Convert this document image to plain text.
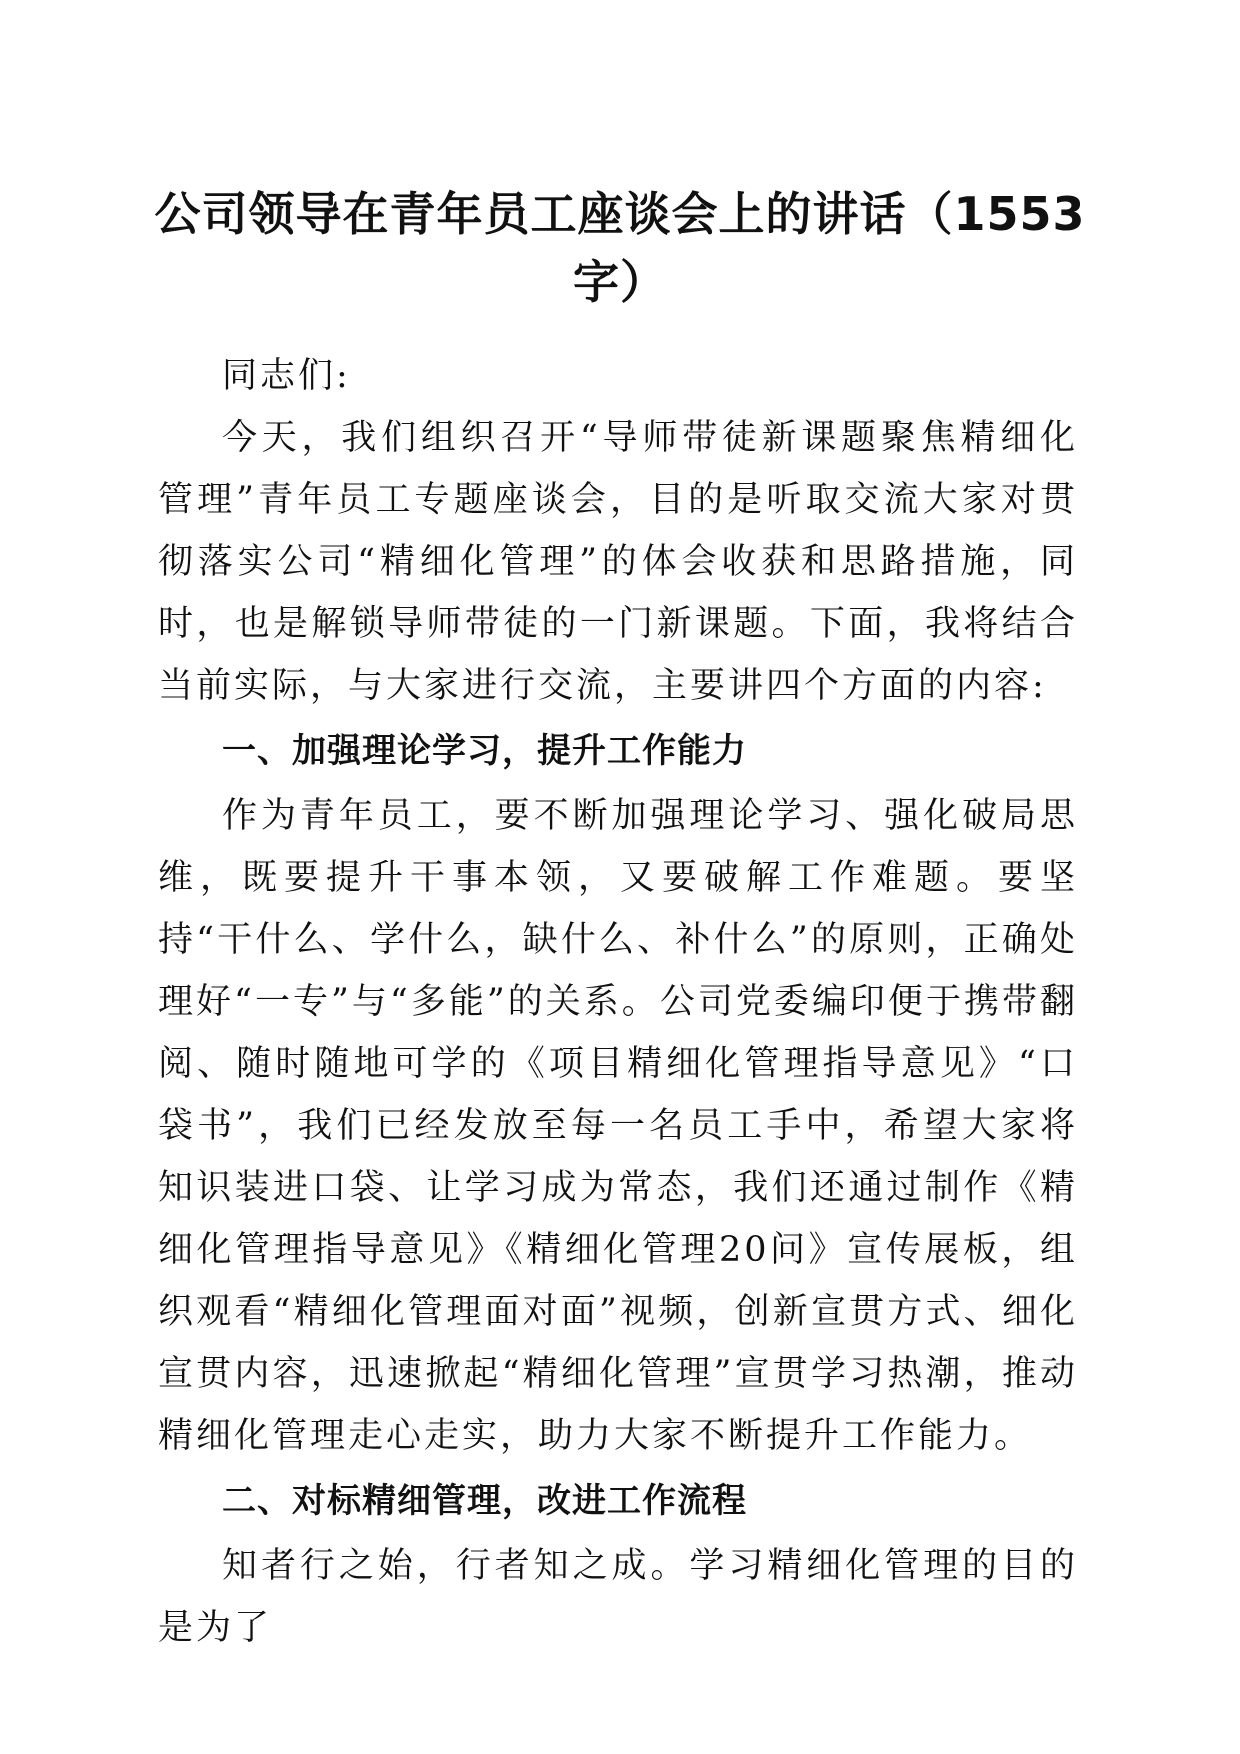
公司领导在青年员工座谈会上的讲话（1553字）

同志们:

今天，我们组织召开“导师带徒新课题聚焦精细化管理”青年员工专题座谈会，目的是听取交流大家对贯彻落实公司“精细化管理”的体会收获和思路措施，同时，也是解锁导师带徒的一门新课题。下面，我将结合当前实际，与大家进行交流，主要讲四个方面的内容:

一、加强理论学习，提升工作能力

作为青年员工，要不断加强理论学习、强化破局思维，既要提升干事本领，又要破解工作难题。要坚持“干什么、学什么，缺什么、补什么”的原则，正确处理好“一专”与“多能”的关系。公司党委编印便于携带翻阅、随时随地可学的《项目精细化管理指导意见》“口袋书”，我们已经发放至每一名员工手中，希望大家将知识装进口袋、让学习成为常态，我们还通过制作《精细化管理指导意见》《精细化管理20问》宣传展板，组织观看“精细化管理面对面”视频，创新宣贯方式、细化宣贯内容，迅速掀起“精细化管理”宣贯学习热潮，推动精细化管理走心走实，助力大家不断提升工作能力。

二、对标精细管理，改进工作流程

知者行之始，行者知之成。学习精细化管理的目的是为了
